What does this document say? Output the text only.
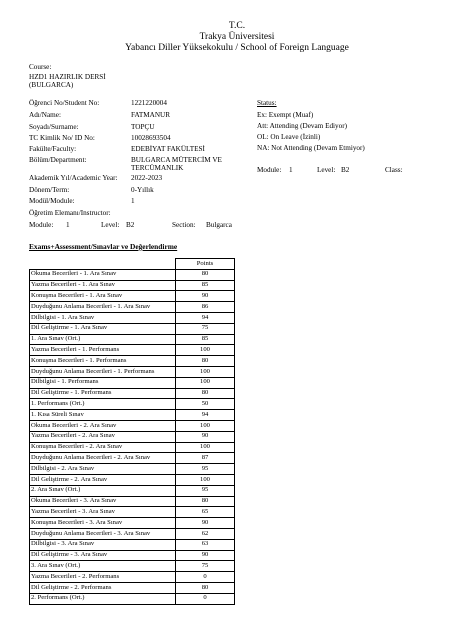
T.C.
Trakya Üniversitesi
Yabancı Diller Yüksekokulu / School of Foreign Language
Course:
HZD1 HAZIRLIK DERSİ
(BULGARCA)
Öğrenci No/Student No:	1221220004
Adı/Name:	FATMANUR
Soyadı/Surname:	TOPÇU
TC Kimlik No/ ID No:	10028693504
Fakülte/Faculty:	EDEBİYAT FAKÜLTESİ
Bölüm/Department:	BULGARCA MÜTERCİM VE
TERCÜMANLIK
Akademik Yıl/Academic Year: 2022-2023
Dönem/Term:	0-Yıllık
Modül/Module:	1
Öğretim Elemanı/Instructor:
Module: 1	Level: B2	Section: Bulgarca
Status:
Ex: Exempt (Muaf)
Att: Attending (Devam Ediyor)
OL: On Leave (İzinli)
NA: Not Attending (Devam Etmiyor)
Module: 1	Level: B2	Class:
Exams+Assessment/Sınavlar ve Değerlendirme
	Points
Okuma Becerileri - 1. Ara Sınav	80
Yazma Becerileri - 1. Ara Sınav	85
Konuşma Becerileri - 1. Ara Sınav	90
Duyduğunu Anlama Becerileri - 1. Ara Sınav	86
Dilbilgisi - 1. Ara Sınav	94
Dil Geliştirme - 1. Ara Sınav	75
1. Ara Sınav (Ort.)	85
Yazma Becerileri - 1. Performans	100
Konuşma Becerileri - 1. Performans	80
Duyduğunu Anlama Becerileri - 1. Performans	100
Dilbilgisi - 1. Performans	100
Dil Geliştirme - 1. Performans	80
1. Performans (Ort.)	50
1. Kısa Süreli Sınav	94
Okuma Becerileri - 2. Ara Sınav	100
Yazma Becerileri - 2. Ara Sınav	90
Konuşma Becerileri - 2. Ara Sınav	100
Duyduğunu Anlama Becerileri - 2. Ara Sınav	87
Dilbilgisi - 2. Ara Sınav	95
Dil Geliştirme - 2. Ara Sınav	100
2. Ara Sınav (Ort.)	95
Okuma Becerileri - 3. Ara Sınav	80
Yazma Becerileri - 3. Ara Sınav	65
Konuşma Becerileri - 3. Ara Sınav	90
Duyduğunu Anlama Becerileri - 3. Ara Sınav	62
Dilbilgisi - 3. Ara Sınav	63
Dil Geliştirme - 3. Ara Sınav	90
3. Ara Sınav (Ort.)	75
Yazma Becerileri - 2. Performans	0
Dil Geliştirme - 2. Performans	80
2. Performans (Ort.)	0
